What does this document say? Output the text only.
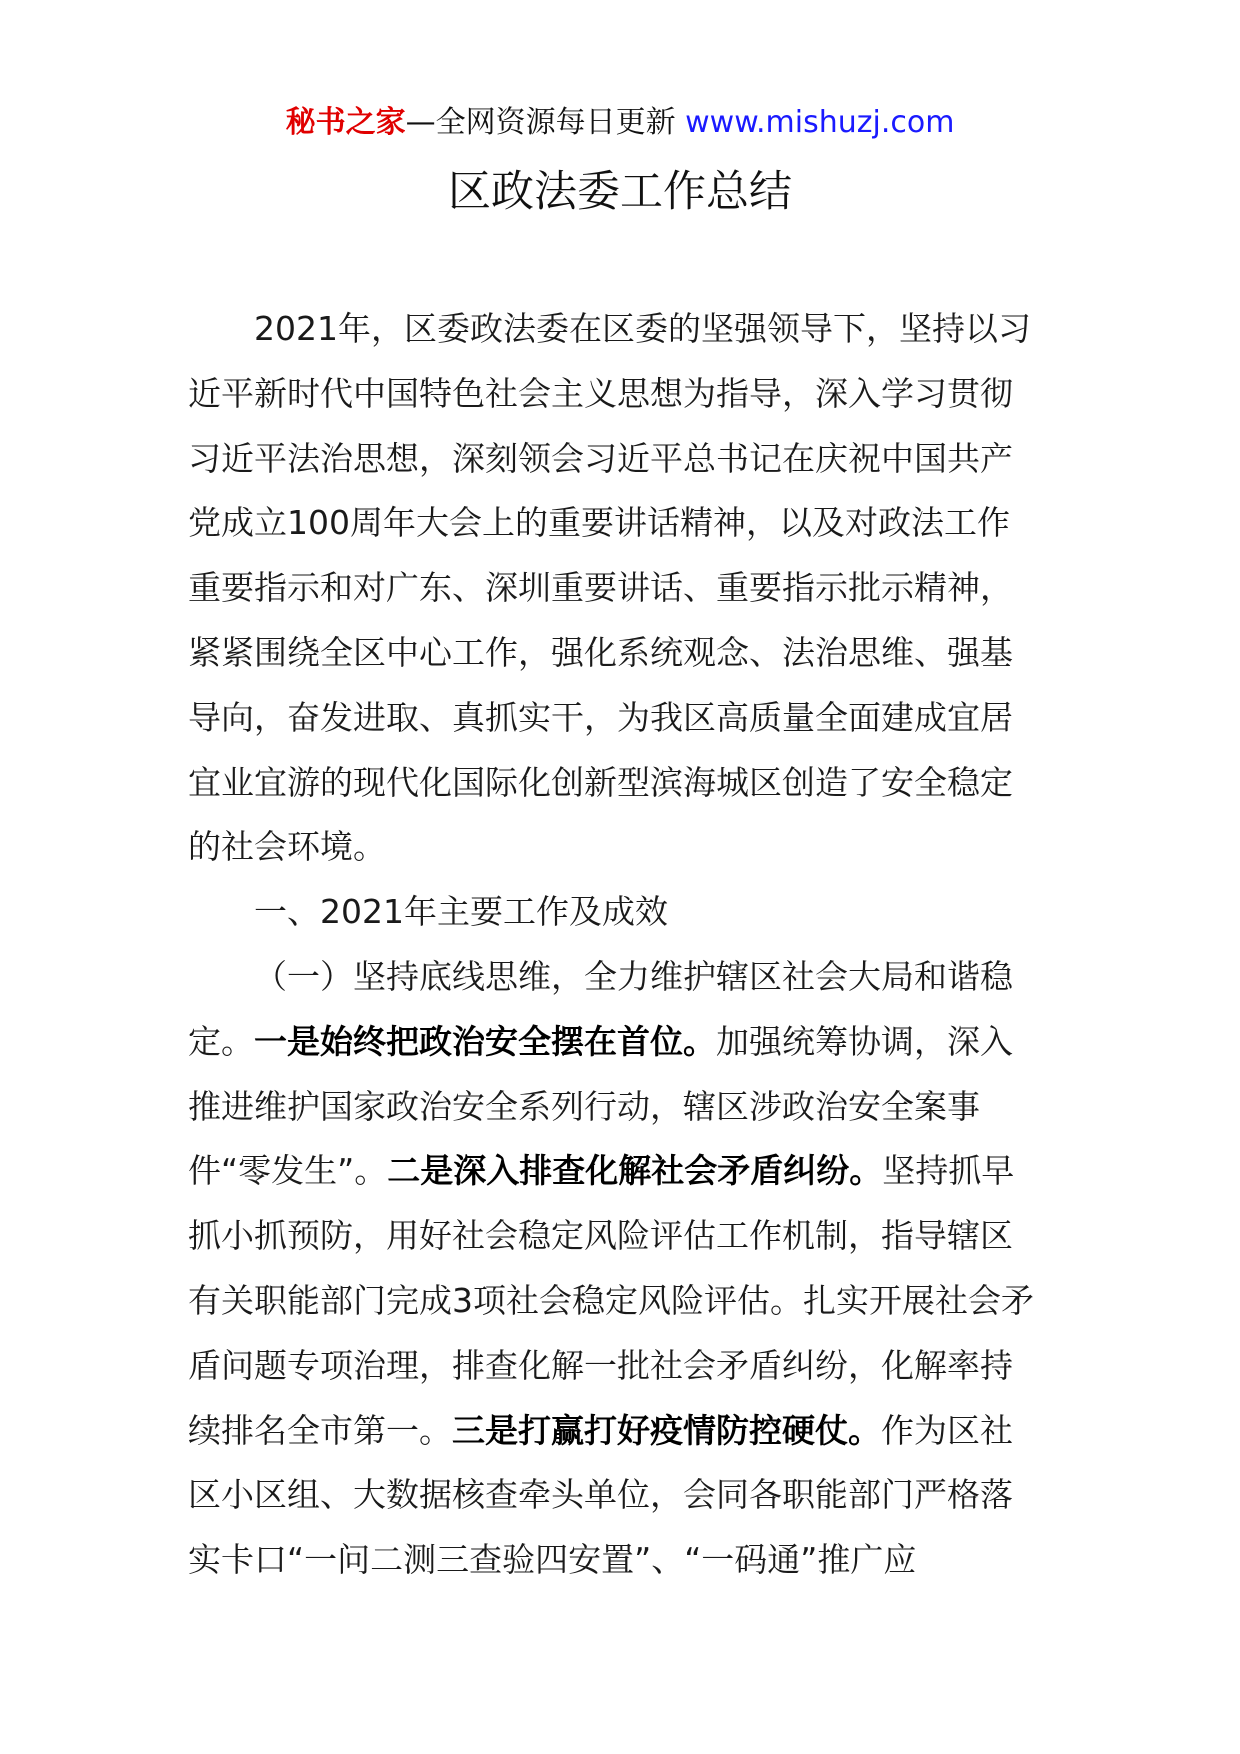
秘书之家—全网资源每日更新 www.mishuzj.com
区政法委工作总结

2021年，区委政法委在区委的坚强领导下，坚持以习近平新时代中国特色社会主义思想为指导，深入学习贯彻习近平法治思想，深刻领会习近平总书记在庆祝中国共产党成立100周年大会上的重要讲话精神，以及对政法工作重要指示和对广东、深圳重要讲话、重要指示批示精神，紧紧围绕全区中心工作，强化系统观念、法治思维、强基导向，奋发进取、真抓实干，为我区高质量全面建成宜居宜业宜游的现代化国际化创新型滨海城区创造了安全稳定的社会环境。

一、2021年主要工作及成效

（一）坚持底线思维，全力维护辖区社会大局和谐稳定。一是始终把政治安全摆在首位。加强统筹协调，深入推进维护国家政治安全系列行动，辖区涉政治安全案事件“零发生”。二是深入排查化解社会矛盾纠纷。坚持抓早抓小抓预防，用好社会稳定风险评估工作机制，指导辖区有关职能部门完成3项社会稳定风险评估。扎实开展社会矛盾问题专项治理，排查化解一批社会矛盾纠纷，化解率持续排名全市第一。三是打赢打好疫情防控硬仗。作为区社区小区组、大数据核查牵头单位，会同各职能部门严格落实卡口“一问二测三查验四安置”、“一码通”推广应
